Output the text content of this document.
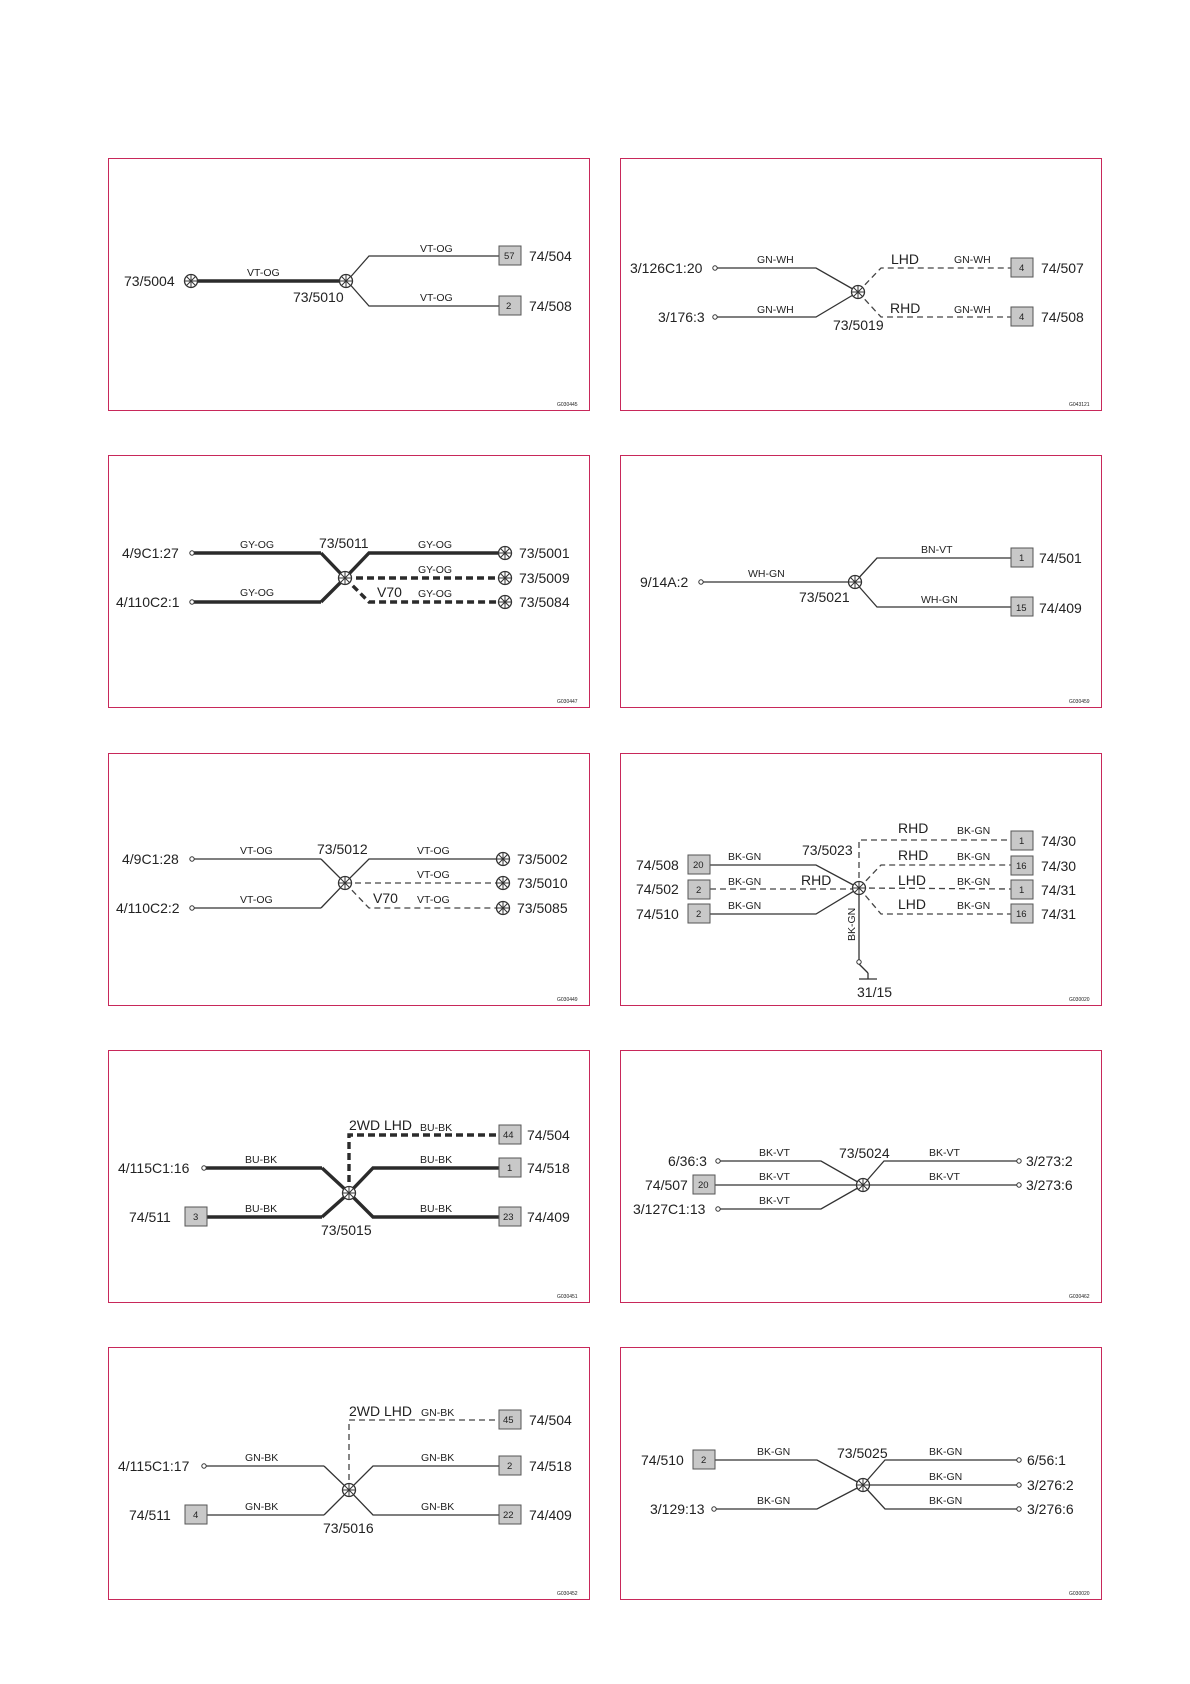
73/5004	VT-OG
73/5010
VT-OG
VT-OG
57 74/504
2 74/508
G030445
3/126C1:20	GN-WH
3/176:3	GN-WH
LHD	GN-WH
4 74/507
RHD	GN-WH
4 74/508
73/5019
G043121
4/9C1:27	GY-OG
4/110C2:1
GY-OG
73/5011	GY-OG	73/5001
GY-OG	73/5009
V70 GY-OG	73/5084
G030447
9/14A:2	WH-GN
BN-VT
1 74/501
WH-GN
15 74/409
73/5021
G030459
4/9C1:28	VT-OG
4/110C2:2	VT-OG
73/5012	VT-OG	73/5002
VT-OG	73/5010
V70 VT-OG	73/5085
G030449
74/508 20
BK-GN
74/502 2
BK-GN	RHD
74/510 2
BK-GN
73/5023
RHD	BK-GN
1 74/30
RHD	BK-GN
16 74/30
LHD	BK-GN
1 74/31
LHD	BK-GN
16 74/31
BK-GN
31/15	G030020
4/115C1:16	BU-BK
74/511 3
BU-BK
2WD LHD BU-BK
44 74/504
BU-BK
1 74/518
BU-BK
23 74/409
73/5015
G030451
6/36:3	BK-VT
74/507 20
BK-VT
3/127C1:13	BK-VT
BK-VT	3/273:2
BK-VT	3/273:6
73/5024
G030462
4/115C1:17	GN-BK
74/511 4
GN-BK
2WD LHD GN-BK
45 74/504
GN-BK
2 74/518
GN-BK
22 74/409
73/5016
G030452
74/510 2
BK-GN
3/129:13	BK-GN
BK-GN	6/56:1
BK-GN	3/276:2
BK-GN	3/276:6
73/5025
G030020
